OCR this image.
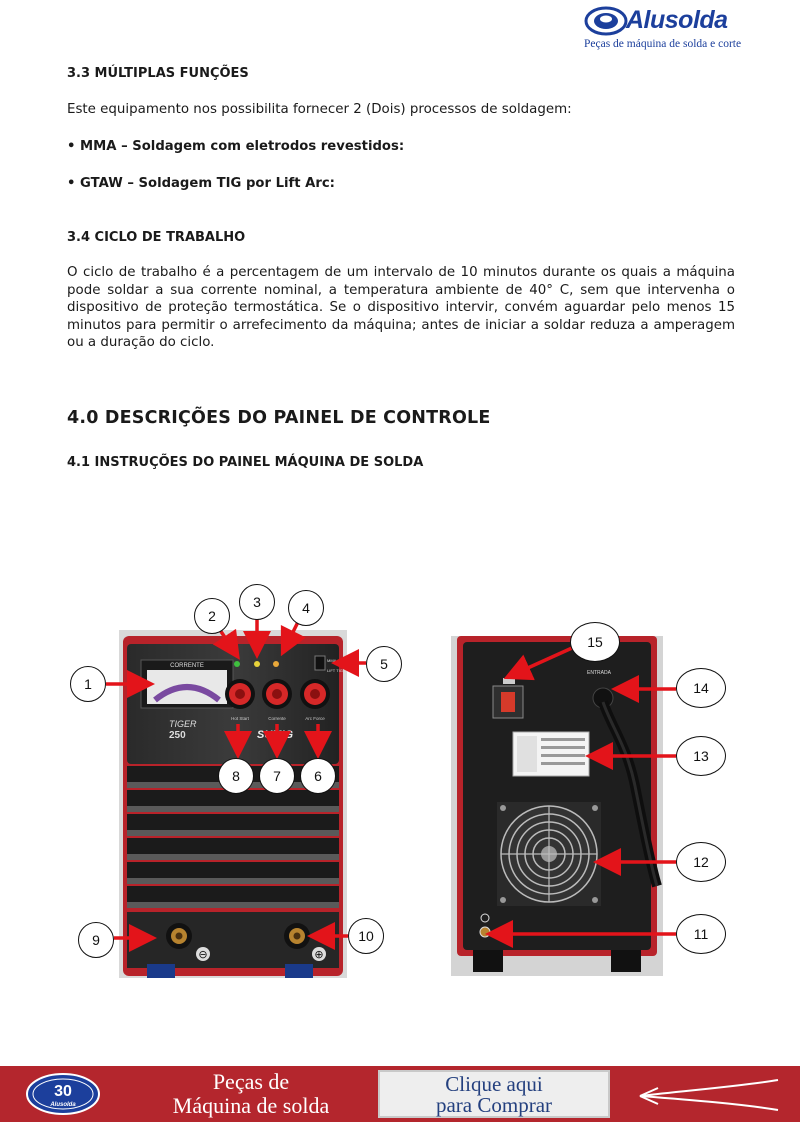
Alusolda
Peças de máquina de solda e corte

3.3 MÚLTIPLAS FUNÇÕES

Este equipamento nos possibilita fornecer 2 (Dois) processos de soldagem:

• MMA – Soldagem com eletrodos revestidos:

• GTAW – Soldagem TIG por Lift Arc:

3.4 CICLO DE TRABALHO

O ciclo de trabalho é a percentagem de um intervalo de 10 minutos durante os quais a máquina pode soldar a sua corrente nominal, a temperatura ambiente de 40° C, sem que intervenha o dispositivo de proteção termostática. Se o dispositivo intervir, convém aguardar pelo menos 15 minutos para permitir o arrefecimento da máquina; antes de iniciar a soldar reduza a amperagem ou a duração do ciclo.

4.0 DESCRIÇÕES DO PAINEL DE CONTROLE

4.1 INSTRUÇÕES DO PAINEL MÁQUINA DE SOLDA

CORRENTE
TIGER
250
MMA
LIFT TIG
Hot Start	Corrente	Arc Force
SUMIG
⊖	⊕
ENTRADA
1
2
3	4
5
6
7
8
9	10	11
12
13
14
15
30
Alusolda
Peças de
Máquina de solda
Clique aqui
para Comprar
